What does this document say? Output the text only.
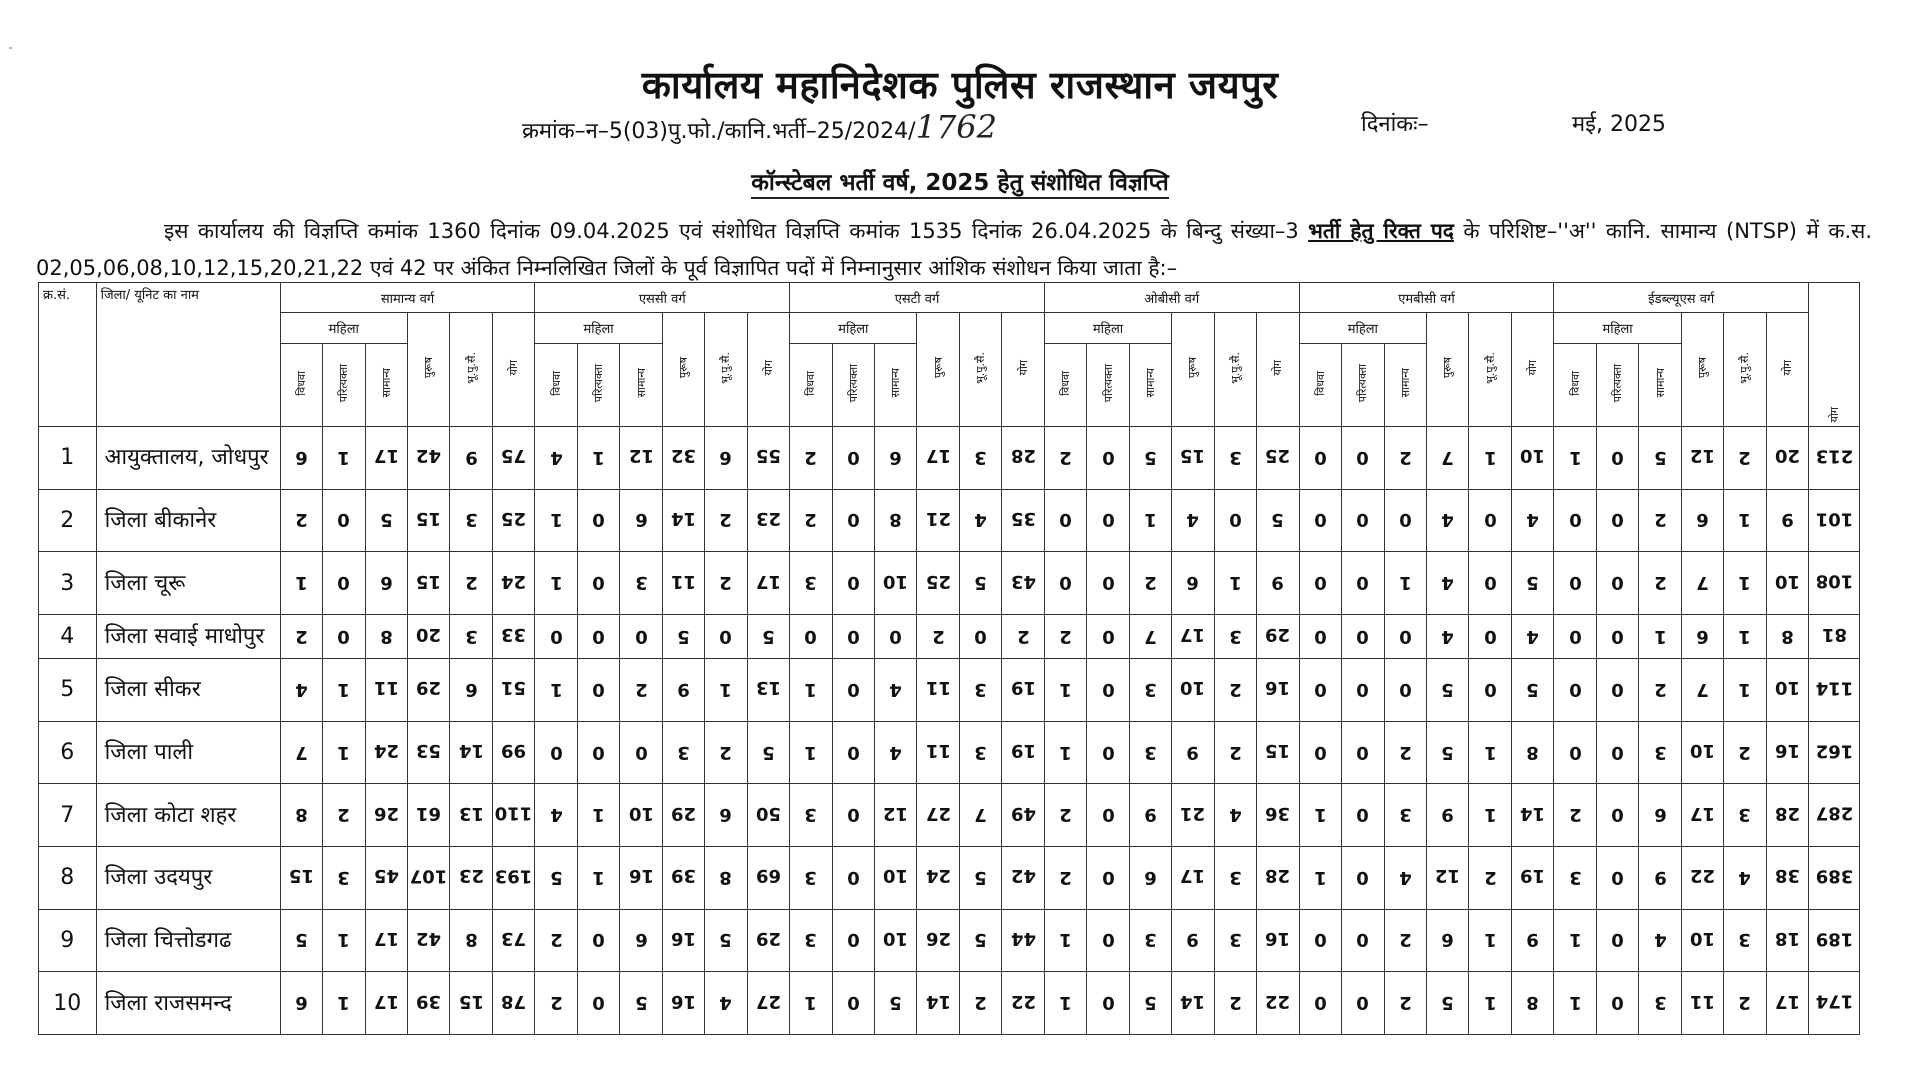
कार्यालय महानिदेशक पुलिस राजस्थान जयपुर
क्रमांक–न–5(03)पु.फो./कानि.भर्ती–25/2024/1762	दिनांकः–	मई, 2025
कॉन्स्टेबल भर्ती वर्ष, 2025 हेतु संशोधित विज्ञप्ति
इस कार्यालय की विज्ञप्ति कमांक 1360 दिनांक 09.04.2025 एवं संशोधित विज्ञप्ति कमांक 1535 दिनांक 26.04.2025 के बिन्दु संख्या–3 भर्ती हेतु रिक्त पद के परिशिष्ट–''अ'' कानि. सामान्य (NTSP) में क.स. 02,05,06,08,10,12,15,20,21,22 एवं 42 पर अंकित निम्नलिखित जिलों के पूर्व विज्ञापित पदों में निम्नानुसार आंशिक संशोधन किया जाता है:–
क्र.सं.	जिला/ यूनिट का नाम	सामान्य वर्ग						एससी वर्ग						एसटी वर्ग						ओबीसी वर्ग						एमबीसी वर्ग						ईडब्ल्यूएस वर्ग						योग
		महिला			पुरूष	भू.पु.सै.	योग	महिला			पुरूष	भू.पु.सै.	योग	महिला			पुरूष	भू.पु.सै.	योग	महिला			पुरूष	भू.पु.सै.	योग	महिला			पुरूष	भू.पु.सै.	योग	महिला			पुरूष	भू.पु.सै.	योग	
		विधवा	परित्यक्ता	सामान्य				विधवा	परित्यक्ता	सामान्य				विधवा	परित्यक्ता	सामान्य				विधवा	परित्यक्ता	सामान्य				विधवा	परित्यक्ता	सामान्य				विधवा	परित्यक्ता	सामान्य				
1	आयुक्तालय, जोधपुर	6	1	17	42	9	75	4	1	12	32	6	55	2	0	6	17	3	28	2	0	5	15	3	25	0	0	2	7	1	10	1	0	5	12	2	20	213
2	जिला बीकानेर	2	0	5	15	3	25	1	0	6	14	2	23	2	0	8	21	4	35	0	0	1	4	0	5	0	0	0	4	0	4	0	0	2	6	1	9	101
3	जिला चूरू	1	0	6	15	2	24	1	0	3	11	2	17	3	0	10	25	5	43	0	0	2	6	1	9	0	0	1	4	0	5	0	0	2	7	1	10	108
4	जिला सवाई माधोपुर	2	0	8	20	3	33	0	0	0	5	0	5	0	0	0	2	0	2	2	0	7	17	3	29	0	0	0	4	0	4	0	0	1	6	1	8	81
5	जिला सीकर	4	1	11	29	6	51	1	0	2	9	1	13	1	0	4	11	3	19	1	0	3	10	2	16	0	0	0	5	0	5	0	0	2	7	1	10	114
6	जिला पाली	7	1	24	53	14	99	0	0	0	3	2	5	1	0	4	11	3	19	1	0	3	9	2	15	0	0	2	5	1	8	0	0	3	10	2	16	162
7	जिला कोटा शहर	8	2	26	61	13	110	4	1	10	29	6	50	3	0	12	27	7	49	2	0	9	21	4	36	1	0	3	9	1	14	2	0	6	17	3	28	287
8	जिला उदयपुर	15	3	45	107	23	193	5	1	16	39	8	69	3	0	10	24	5	42	2	0	6	17	3	28	1	0	4	12	2	19	3	0	9	22	4	38	389
9	जिला चित्तोडगढ	5	1	17	42	8	73	2	0	6	16	5	29	3	0	10	26	5	44	1	0	3	9	3	16	0	0	2	6	1	9	1	0	4	10	3	18	189
10	जिला राजसमन्द	6	1	17	39	15	78	2	0	5	16	4	27	1	0	5	14	2	22	1	0	5	14	2	22	0	0	2	5	1	8	1	0	3	11	2	17	174
